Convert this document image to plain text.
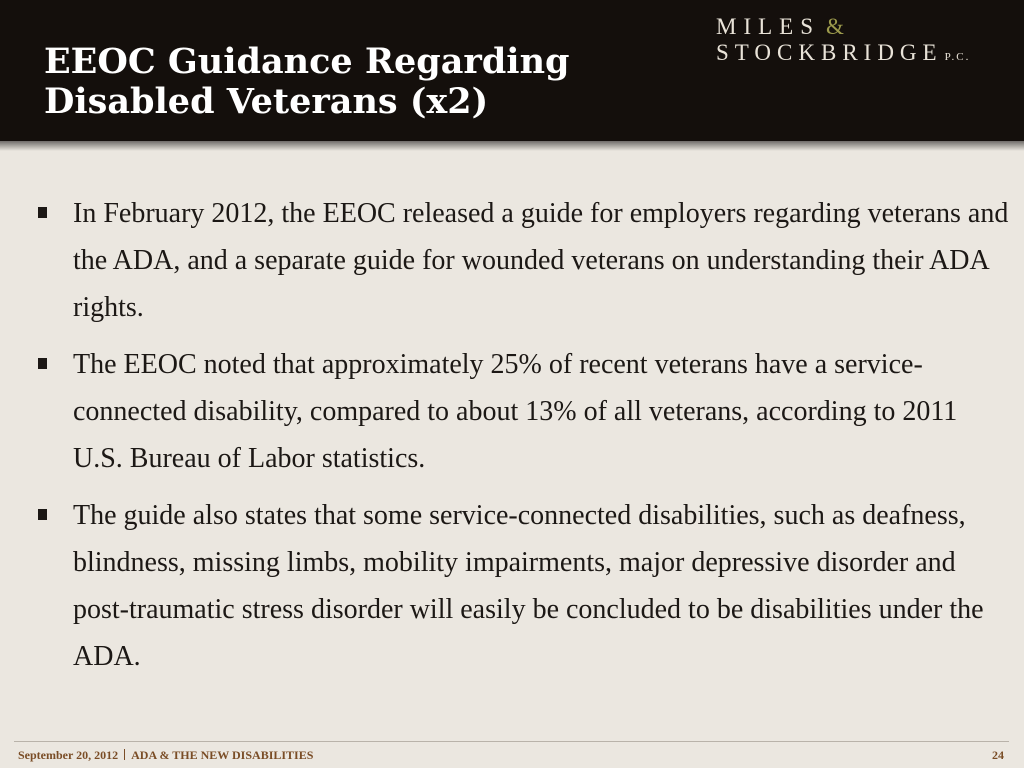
EEOC Guidance Regarding
Disabled Veterans (x2)
MILES &
STOCKBRIDGE P.C.
In February 2012, the EEOC released a guide for employers regarding veterans and the ADA, and a separate guide for wounded veterans on understanding their ADA rights.
The EEOC noted that approximately 25% of recent veterans have a service-connected disability, compared to about 13% of all veterans, according to 2011 U.S. Bureau of Labor statistics.
The guide also states that some service-connected disabilities, such as deafness, blindness, missing limbs, mobility impairments, major depressive disorder and post-traumatic stress disorder will easily be concluded to be disabilities under the ADA.
September 20, 2012 ADA & THE NEW DISABILITIES	24
